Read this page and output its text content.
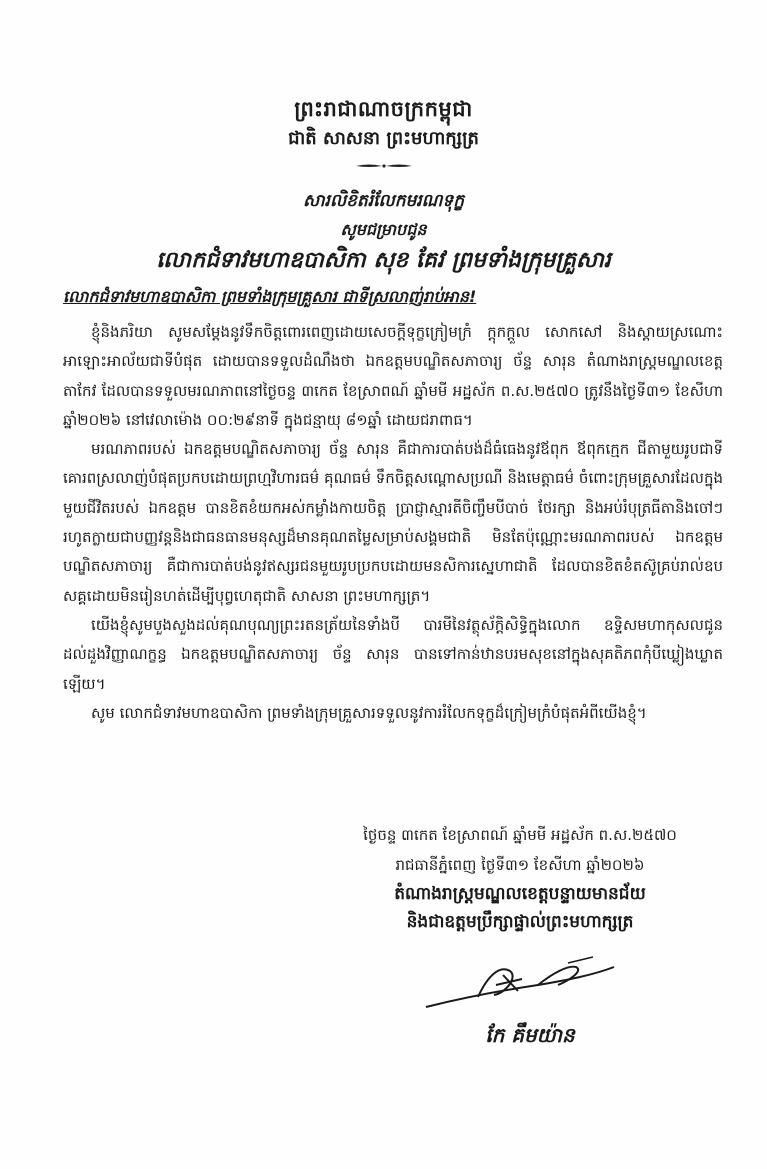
ព្រះរាជាណាចក្រកម្ពុជា
ជាតិ សាសនា ព្រះមហាក្សត្រ
សារលិខិតរំលែកមរណទុក្ខ
សូមជម្រាបជូន
លោកជំទាវមហាឧបាសិកា សុខ គែវ ព្រមទាំងក្រុមគ្រួសារ
លោកជំទាវមហាឧបាសិកា ព្រមទាំងក្រុមគ្រួសារ ជាទីស្រលាញ់រាប់អាន!

ខ្ញុំនិងភរិយា សូមសម្តែងនូវទឹកចិត្តពោរពេញដោយសេចក្តីទុក្ខក្រៀមក្រំ ក្តុកក្តួល សោកសៅ និងស្តាយស្រណោះអាឡោះអាល័យជាទីបំផុត ដោយបានទទួលដំណឹងថា ឯកឧត្តមបណ្ឌិតសភាចារ្យ ច័ន្ទ សារុន តំណាងរាស្ត្រមណ្ឌលខេត្តតាកែវ ដែលបានទទួលមរណភាពនៅថ្ងៃចន្ទ ៣កេត ខែស្រាពណ៍ ឆ្នាំមមី អដ្ឋស័ក ព.ស.២៥៧០ ត្រូវនឹងថ្ងៃទី៣១ ខែសីហា ឆ្នាំ២០២៦ នៅវេលាម៉ោង ០០:២៩នាទី ក្នុងជន្មាយុ ៨១ឆ្នាំ ដោយជរាពាធ។

មរណភាពរបស់ ឯកឧត្តមបណ្ឌិតសភាចារ្យ ច័ន្ទ សារុន គឺជាការបាត់បង់ដ៏ធំធេងនូវឪពុក ឪពុកក្មេក ជីតាមួយរូបជាទីគោរពស្រលាញ់បំផុតប្រកបដោយព្រហ្មវិហារធម៌ គុណធម៌ ទឹកចិត្តសណ្តោសប្រណី និងមេត្តាធម៌ ចំពោះក្រុមគ្រួសារដែលក្នុងមួយជីវិតរបស់ ឯកឧត្តម បានខិតខំយកអស់កម្លាំងកាយចិត្ត ប្រាជ្ញាស្មារតីចិញ្ចឹមបីបាច់ ថែរក្សា និងអប់រំបុត្រធីតានិងចៅៗរហូតក្លាយជាបញ្ញវន្តនិងជាធនធានមនុស្សដ៏មានគុណតម្លៃសម្រាប់សង្គមជាតិ មិនតែប៉ុណ្ណោះមរណភាពរបស់ ឯកឧត្តមបណ្ឌិតសភាចារ្យ គឺជាការបាត់បង់នូវឥស្សរជនមួយរូបប្រកបដោយមនសិការស្នេហាជាតិ ដែលបានខិតខំតស៊ូគ្រប់រាល់ឧបសគ្គដោយមិនរៀនហត់ដើម្បីបុព្វហេតុជាតិ សាសនា ព្រះមហាក្សត្រ។

យើងខ្ញុំសូមបួងសួងដល់គុណបុណ្យព្រះរតនត្រ័យនៃទាំងបី បារមីនៃវត្ថុស័ក្តិសិទ្ធិក្នុងលោក ឧទ្ទិសមហាកុសលជូនដល់ដួងវិញ្ញាណក្ខន្ធ ឯកឧត្តមបណ្ឌិតសភាចារ្យ ច័ន្ទ សារុន បានទៅកាន់ឋានបរមសុខនៅក្នុងសុគតិភពកុំបីឃ្លៀងឃ្លាតឡើយ។

សូម លោកជំទាវមហាឧបាសិកា ព្រមទាំងក្រុមគ្រួសារទទួលនូវការរំលែកទុក្ខដ៏ក្រៀមក្រំបំផុតអំពីយើងខ្ញុំ។

ថ្ងៃចន្ទ ៣កេត ខែស្រាពណ៍ ឆ្នាំមមី អដ្ឋស័ក ព.ស.២៥៧០
រាជធានីភ្នំពេញ ថ្ងៃទី៣១ ខែសីហា ឆ្នាំ២០២៦
តំណាងរាស្ត្រមណ្ឌលខេត្តបន្ទាយមានជ័យ
និងជាឧត្តមប្រឹក្សាផ្ទាល់ព្រះមហាក្សត្រ
កែ គឹមយ៉ាន
